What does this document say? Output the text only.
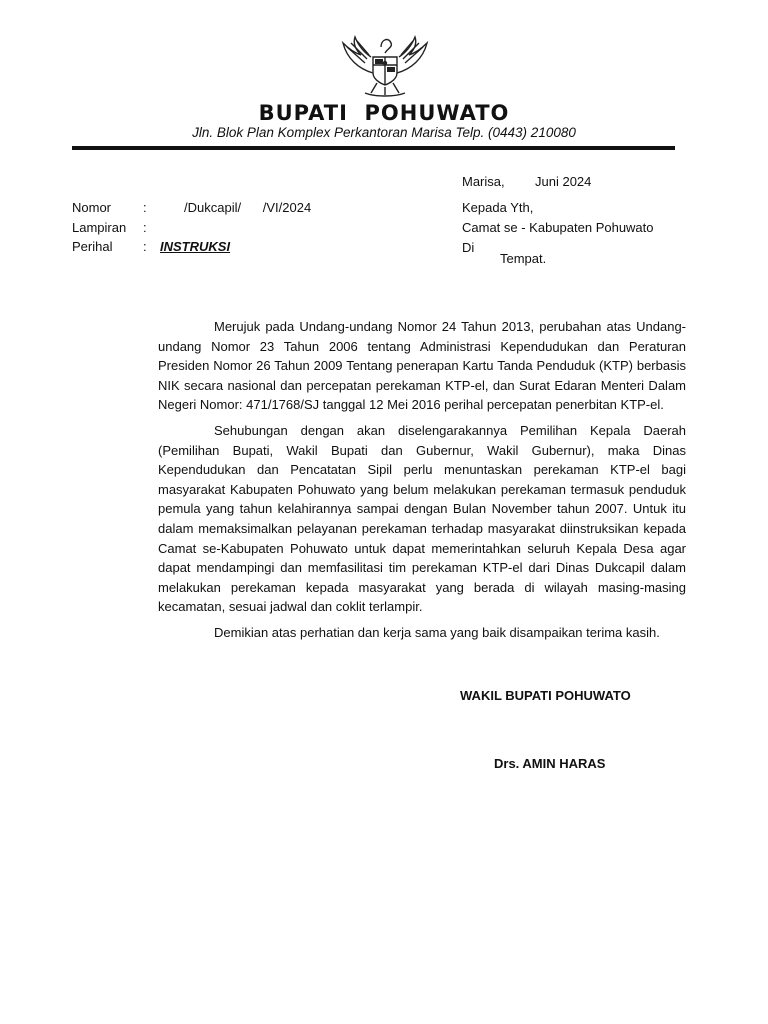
BUPATI  POHUWATO
Jln. Blok Plan Komplex Perkantoran Marisa Telp. (0443) 210080
Marisa, Juni 2024
Nomor :	/Dukcapil/      /VI/2024
Lampiran :
Perihal : INSTRUKSI
Kepada Yth,
Camat se - Kabupaten Pohuwato
Di
Tempat.

Merujuk pada Undang-undang Nomor 24 Tahun 2013, perubahan atas Undang-undang Nomor 23 Tahun 2006 tentang Administrasi Kependudukan dan Peraturan Presiden Nomor 26 Tahun 2009 Tentang penerapan Kartu Tanda Penduduk (KTP) berbasis NIK secara nasional dan percepatan perekaman KTP-el, dan Surat Edaran Menteri Dalam Negeri Nomor: 471/1768/SJ tanggal 12 Mei 2016 perihal percepatan penerbitan KTP-el.

Sehubungan dengan akan diselengarakannya Pemilihan Kepala Daerah (Pemilihan Bupati, Wakil Bupati dan Gubernur, Wakil Gubernur), maka Dinas Kependudukan dan Pencatatan Sipil perlu menuntaskan perekaman KTP-el bagi masyarakat Kabupaten Pohuwato yang belum melakukan perekaman termasuk penduduk pemula yang tahun kelahirannya sampai dengan Bulan November tahun 2007. Untuk itu dalam memaksimalkan pelayanan perekaman terhadap masyarakat diinstruksikan kepada Camat se-Kabupaten Pohuwato untuk dapat memerintahkan seluruh Kepala Desa agar dapat mendampingi dan memfasilitasi tim perekaman KTP-el dari Dinas Dukcapil dalam melakukan perekaman kepada masyarakat yang berada di wilayah masing-masing kecamatan, sesuai jadwal dan coklit terlampir.

Demikian atas perhatian dan kerja sama yang baik disampaikan terima kasih.

WAKIL BUPATI POHUWATO
Drs. AMIN HARAS
